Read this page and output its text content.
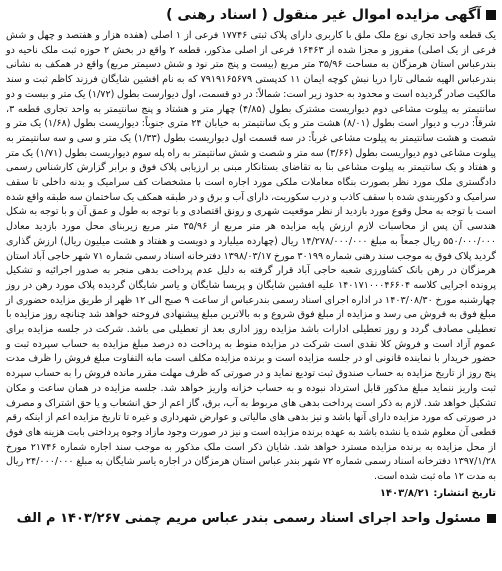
آگهی مزایده اموال غیر منقول ( اسناد رهنی )

یک قطعه واحد تجاری نوع ملک ملق با کاربری دارای پلاک ثبتی ۱۷۷۴۶ فرعی از ۱ اصلی (هفده هزار و هفتصد و چهل و شش فرعی از یک اصلی) مفروز و مجزا شده از ۱۶۴۶۳ فرعی از اصلی مذکور، قطعه ۲ واقع در بخش ۲ حوزه ثبت ملک ناحیه دو بندرعباس استان هرمزگان به مساحت ۳۵/۹۶ متر مربع (بیست و پنج متر نود و شش دسیمتر مربع) واقع در همکف به نشانی بندرعباس الهیه شمالی تارا دریا نبش کوچه ایمان ۱۱ کدپستی ۷۹۱۹۱۶۵۶۷۹ که به نام افشین شایگان فرزند کاظم ثبت و سند مالکیت صادر گردیده است و محدود به حدود زیر است: شمالاً: در دو قسمت، اول دیوارست بطول (۱/۷۲) یک متر و بیست و دو سانتیمتر به پیلوت مشاعی دوم دیواریست مشترک بطول (۴/۸۵) چهار متر و هشتاد و پنج سانتیمتر به واحد تجاری قطعه ۳، شرقاً: درب و دیوار است بطول (۸/۰۱) هشت متر و یک سانتیمتر به خیابان ۲۴ متری جنوباً: دیواریست بطول (۱/۶۸) یک متر و شصت و هشت سانتیمتر به پیلوت مشاعی غرباً: در سه قسمت اول دیواریست بطول (۱/۳۳) یک متر و سی و سه سانتیمتر به پیلوت مشاعی دوم دیواریست بطول (۳/۶۶) سه متر و شصت و شش سانتیمتر به راه پله سوم دیواریست بطول (۱/۷۱) یک متر و هفتاد و یک سانتیمتر به پیلوت مشاعی بنا به تقاضای بستانکار مبنی بر ارزیابی پلاک فوق و برابر گزارش کارشناس رسمی دادگستری ملک مورد نظر بصورت بنگاه معاملات ملکی مورد اجاره است با مشخصات کف سرامیک و بدنه داخلی تا سقف سرامیک و دکوربندی شده با سقف کاذب و درب سکوریت، دارای آب و برق و در طبقه همکف یک ساختمان سه طبقه واقع شده است با توجه به محل وقوع مورد بازدید از نظر موقعیت شهری و رونق اقتصادی و با توجه به طول و عمق آن و با توجه به شکل هندسی آن پس از محاسبات لازم ارزش پایه مزایده هر متر مربع از ۳۵/۹۶ متر مربع زیربنای محل مورد بازدید معادل ۵۵۰/۰۰۰/۰۰۰ ریال جمعاً به مبلغ ۱۴/۲۷۸/۰۰۰/۰۰۰ ریال (چهارده میلیارد و دویست و هفتاد و هشت میلیون ریال) ارزش گذاری گردید پلاک فوق به موجب سند رهنی شماره ۳۰۱۹۹ مورخ ۱۳۹۸/۰۳/۱۷ دفترخانه اسناد رسمی شماره ۷۱ شهر حاجی آباد استان هرمزگان در رهن بانک کشاورزی شعبه حاجی آباد قرار گرفته به دلیل عدم پرداخت بدهی منجر به صدور اجرائیه و تشکیل پرونده اجرایی کلاسه ۱۴۰۱۷۱۰۰۰۴۶۶۰۴ علیه افشین شایگان و پریسا شایگان و یاسر شایگان گردیده پلاک مورد رهن در روز چهارشنبه مورخ ۱۴۰۳/۰۸/۳۰ در اداره اجرای اسناد رسمی بندرعباس از ساعت ۹ صبح الی ۱۲ ظهر از طریق مزایده حضوری از مبلغ فوق به فروش می رسد و مزایده از مبلغ فوق شروع و به بالاترین مبلغ پیشنهادی فروخته خواهد شد چنانچه روز مزایده با تعطیلی مصادف گردد و روز تعطیلی ادارات باشد مزایده روز اداری بعد از تعطیلی می باشد. شرکت در جلسه مزایده برای عموم آزاد است و فروش کلا نقدی است شرکت در مزایده منوط به پرداخت ده درصد مبلغ مزایده به حساب سپرده ثبت و حضور خریدار با نماینده قانونی او در جلسه مزایده است و برنده مزایده مکلف است مابه التفاوت مبلغ فروش را ظرف مدت پنج روز از تاریخ مزایده به حساب صندوق ثبت تودیع نماید و در صورتی که ظرف مهلت مقرر مانده فروش را به حساب سپرده ثبت واریز ننماید مبلغ مذکور قابل استرداد نبوده و به حساب خزانه واریز خواهد شد. جلسه مزایده در همان ساعت و مکان تشکیل خواهد شد. لازم به ذکر است پرداخت بدهی های مربوط به آب، برق، گاز اعم از حق انشعاب و یا حق اشتراک و مصرف در صورتی که مورد مزایده دارای آنها باشد و نیز بدهی های مالیاتی و عوارض شهرداری و غیره تا تاریخ مزایده اعم از اینکه رقم قطعی آن معلوم شده یا نشده باشد به عهده برنده مزایده است و نیز در صورت وجود مازاد وجوه پرداختی بابت هزینه های فوق از محل مزایده به برنده مزایده مسترد خواهد شد. شایان ذکر است ملک مذکور به موجب سند اجاره شماره ۲۱۷۴۶ مورخ ۱۳۹۷/۱/۲۸ دفترخانه اسناد رسمی شماره ۷۲ شهر بندر عباس استان هرمزگان در اجاره یاسر شایگان به مبلغ ۲۴/۰۰۰/۰۰۰ ریال به مدت ۱۲ ماه ثبت شده است.

تاریخ انتشار: ۱۴۰۳/۸/۲۱
مسئول واحد اجرای اسناد رسمی بندر عباس مریم چمنی ۱۴۰۳/۲۶۷ م الف
